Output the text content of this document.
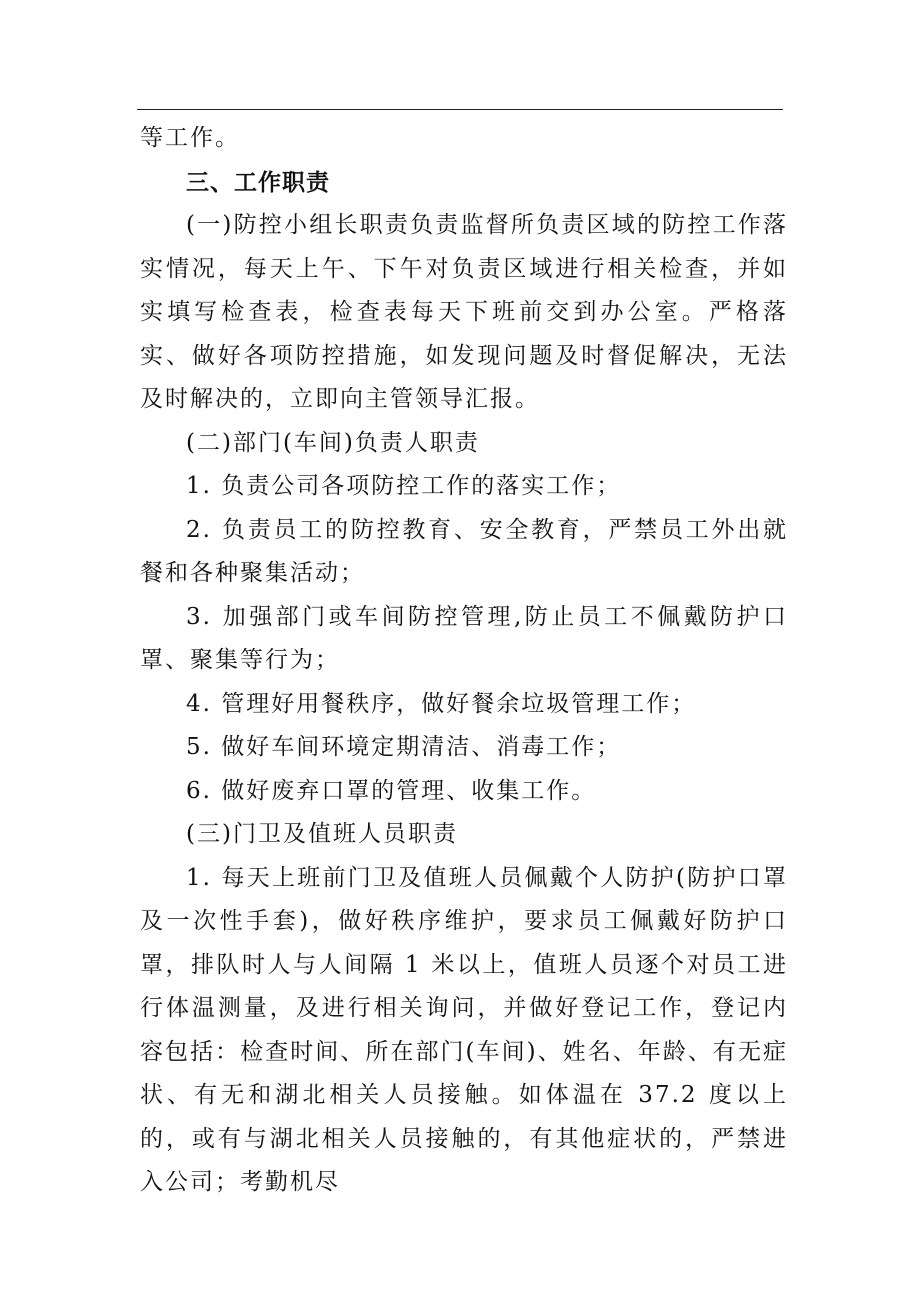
等工作。

三、工作职责

(一)防控小组长职责负责监督所负责区域的防控工作落实情况，每天上午、下午对负责区域进行相关检查，并如实填写检查表，检查表每天下班前交到办公室。严格落实、做好各项防控措施，如发现问题及时督促解决，无法及时解决的，立即向主管领导汇报。

(二)部门(车间)负责人职责

1. 负责公司各项防控工作的落实工作；

2. 负责员工的防控教育、安全教育，严禁员工外出就餐和各种聚集活动；

3. 加强部门或车间防控管理,防止员工不佩戴防护口罩、聚集等行为；

4. 管理好用餐秩序，做好餐余垃圾管理工作；

5. 做好车间环境定期清洁、消毒工作；

6. 做好废弃口罩的管理、收集工作。

(三)门卫及值班人员职责

1. 每天上班前门卫及值班人员佩戴个人防护(防护口罩及一次性手套)，做好秩序维护，要求员工佩戴好防护口罩，排队时人与人间隔 1 米以上，值班人员逐个对员工进行体温测量，及进行相关询问，并做好登记工作，登记内容包括：检查时间、所在部门(车间)、姓名、年龄、有无症状、有无和湖北相关人员接触。如体温在 37.2 度以上的，或有与湖北相关人员接触的，有其他症状的，严禁进入公司；考勤机尽
